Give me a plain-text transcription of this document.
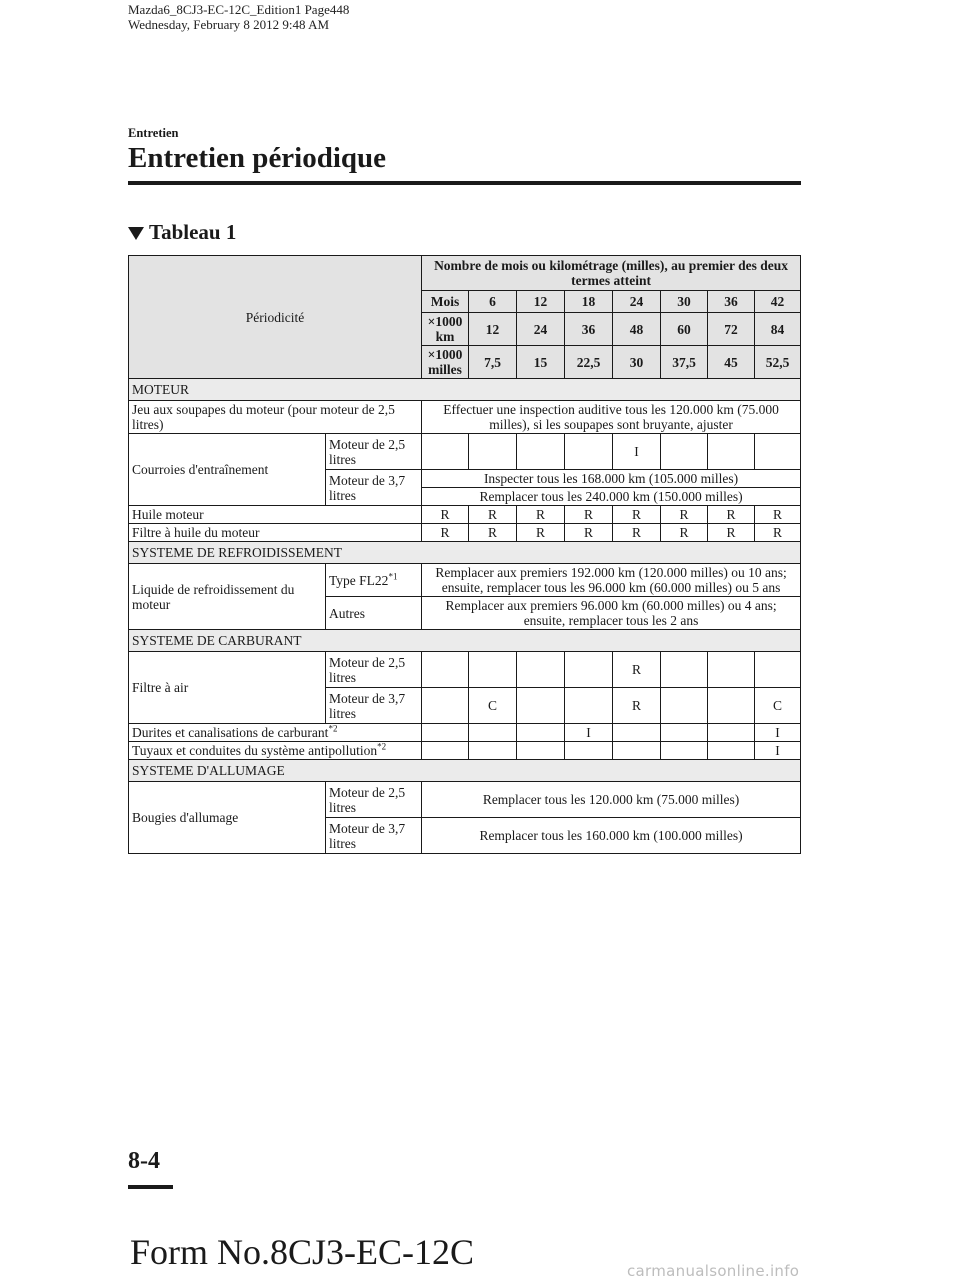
Mazda6_8CJ3-EC-12C_Edition1 Page448
Wednesday, February 8 2012 9:48 AM
Entretien
Entretien périodique
Tableau 1
Périodicité		Nombre de mois ou kilométrage (milles), au premier des deux termes atteint							
		Mois	6	12	18	24	30	36	42
		×1000 km	12	24	36	48	60	72	84
		×1000 milles	7,5	15	22,5	30	37,5	45	52,5
MOTEUR									
Jeu aux soupapes du moteur (pour moteur de 2,5 litres)		Effectuer une inspection auditive tous les 120.000 km (75.000 milles), si les soupapes sont bruyante, ajuster							
Courroies d'entraînement	Moteur de 2,5 litres					I			
	Moteur de 3,7 litres	Inspecter tous les 168.000 km (105.000 milles)							
		Remplacer tous les 240.000 km (150.000 milles)							
Huile moteur		R	R	R	R	R	R	R	R
Filtre à huile du moteur		R	R	R	R	R	R	R	R
SYSTEME DE REFROIDISSEMENT									
Liquide de refroidissement du moteur	Type FL22$^{*1}$	Remplacer aux premiers 192.000 km (120.000 milles) ou 10 ans; ensuite, remplacer tous les 96.000 km (60.000 milles) ou 5 ans							
	Autres	Remplacer aux premiers 96.000 km (60.000 milles) ou 4 ans; ensuite, remplacer tous les 2 ans							
SYSTEME DE CARBURANT									
Filtre à air	Moteur de 2,5 litres					R			
	Moteur de 3,7 litres		C			R			C
Durites et canalisations de carburant$^{*2}$					I				I
Tuyaux et conduites du système antipollution$^{*2}$									I
SYSTEME D'ALLUMAGE									
Bougies d'allumage	Moteur de 2,5 litres	Remplacer tous les 120.000 km (75.000 milles)							
	Moteur de 3,7 litres	Remplacer tous les 160.000 km (100.000 milles)							
8-4
Form No.8CJ3-EC-12C	carmanualsonline.info
